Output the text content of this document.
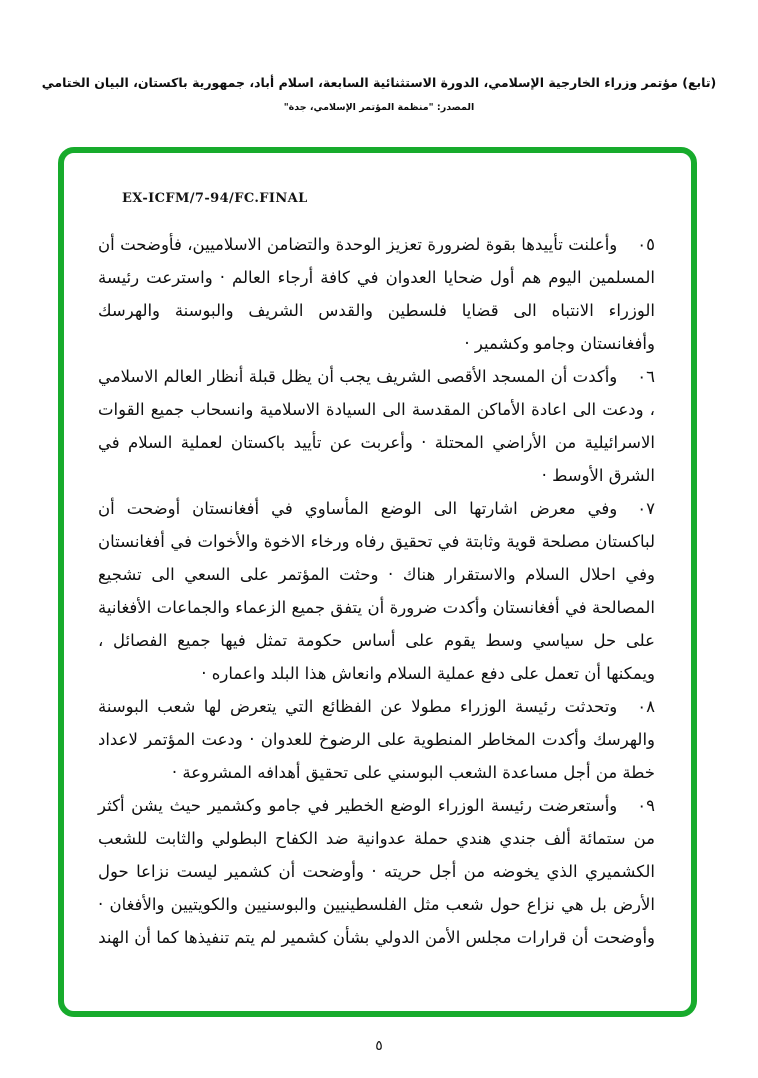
(تابع) مؤتمر وزراء الخارجية الإسلامي، الدورة الاستثنائية السابعة، اسلام أباد، جمهورية باكستان، البيان الختامي
المصدر: "منظمة المؤتمر الإسلامي، جدة"
EX-ICFM/7-94/FC.FINAL

٠٥وأعلنت تأييدها بقوة لضرورة تعزيز الوحدة والتضامن الاسلاميين، فأوضحت أن المسلمين اليوم هم أول ضحايا العدوان في كافة أرجاء العالم · واسترعت رئيسة الوزراء الانتباه الى قضايا فلسطين والقدس الشريف والبوسنة والهرسك وأفغانستان وجامو وكشمير ·

٠٦وأكدت أن المسجد الأقصى الشريف يجب أن يظل قبلة أنظار العالم الاسلامي ، ودعت الى اعادة الأماكن المقدسة الى السيادة الاسلامية وانسحاب جميع القوات الاسرائيلية من الأراضي المحتلة · وأعربت عن تأييد باكستان لعملية السلام في الشرق الأوسط ·

٠٧وفي معرض اشارتها الى الوضع المأساوي في أفغانستان أوضحت أن لباكستان مصلحة قوية وثابتة في تحقيق رفاه ورخاء الاخوة والأخوات في أفغانستان وفي احلال السلام والاستقرار هناك · وحثت المؤتمر على السعي الى تشجيع المصالحة في أفغانستان وأكدت ضرورة أن يتفق جميع الزعماء والجماعات الأفغانية على حل سياسي وسط يقوم على أساس حكومة تمثل فيها جميع الفصائل ، ويمكنها أن تعمل على دفع عملية السلام وانعاش هذا البلد واعماره ·

٠٨وتحدثت رئيسة الوزراء مطولا عن الفظائع التي يتعرض لها شعب البوسنة والهرسك وأكدت المخاطر المنطوية على الرضوخ للعدوان · ودعت المؤتمر لاعداد خطة من أجل مساعدة الشعب البوسني على تحقيق أهدافه المشروعة ·

٠٩وأستعرضت رئيسة الوزراء الوضع الخطير في جامو وكشمير حيث يشن أكثر من ستمائة ألف جندي هندي حملة عدوانية ضد الكفاح البطولي والثابت للشعب الكشميري الذي يخوضه من أجل حريته · وأوضحت أن كشمير ليست نزاعا حول الأرض بل هي نزاع حول شعب مثل الفلسطينيين والبوسنيين والكويتيين والأفغان · وأوضحت أن قرارات مجلس الأمن الدولي بشأن كشمير لم يتم تنفيذها كما أن الهند

٥
